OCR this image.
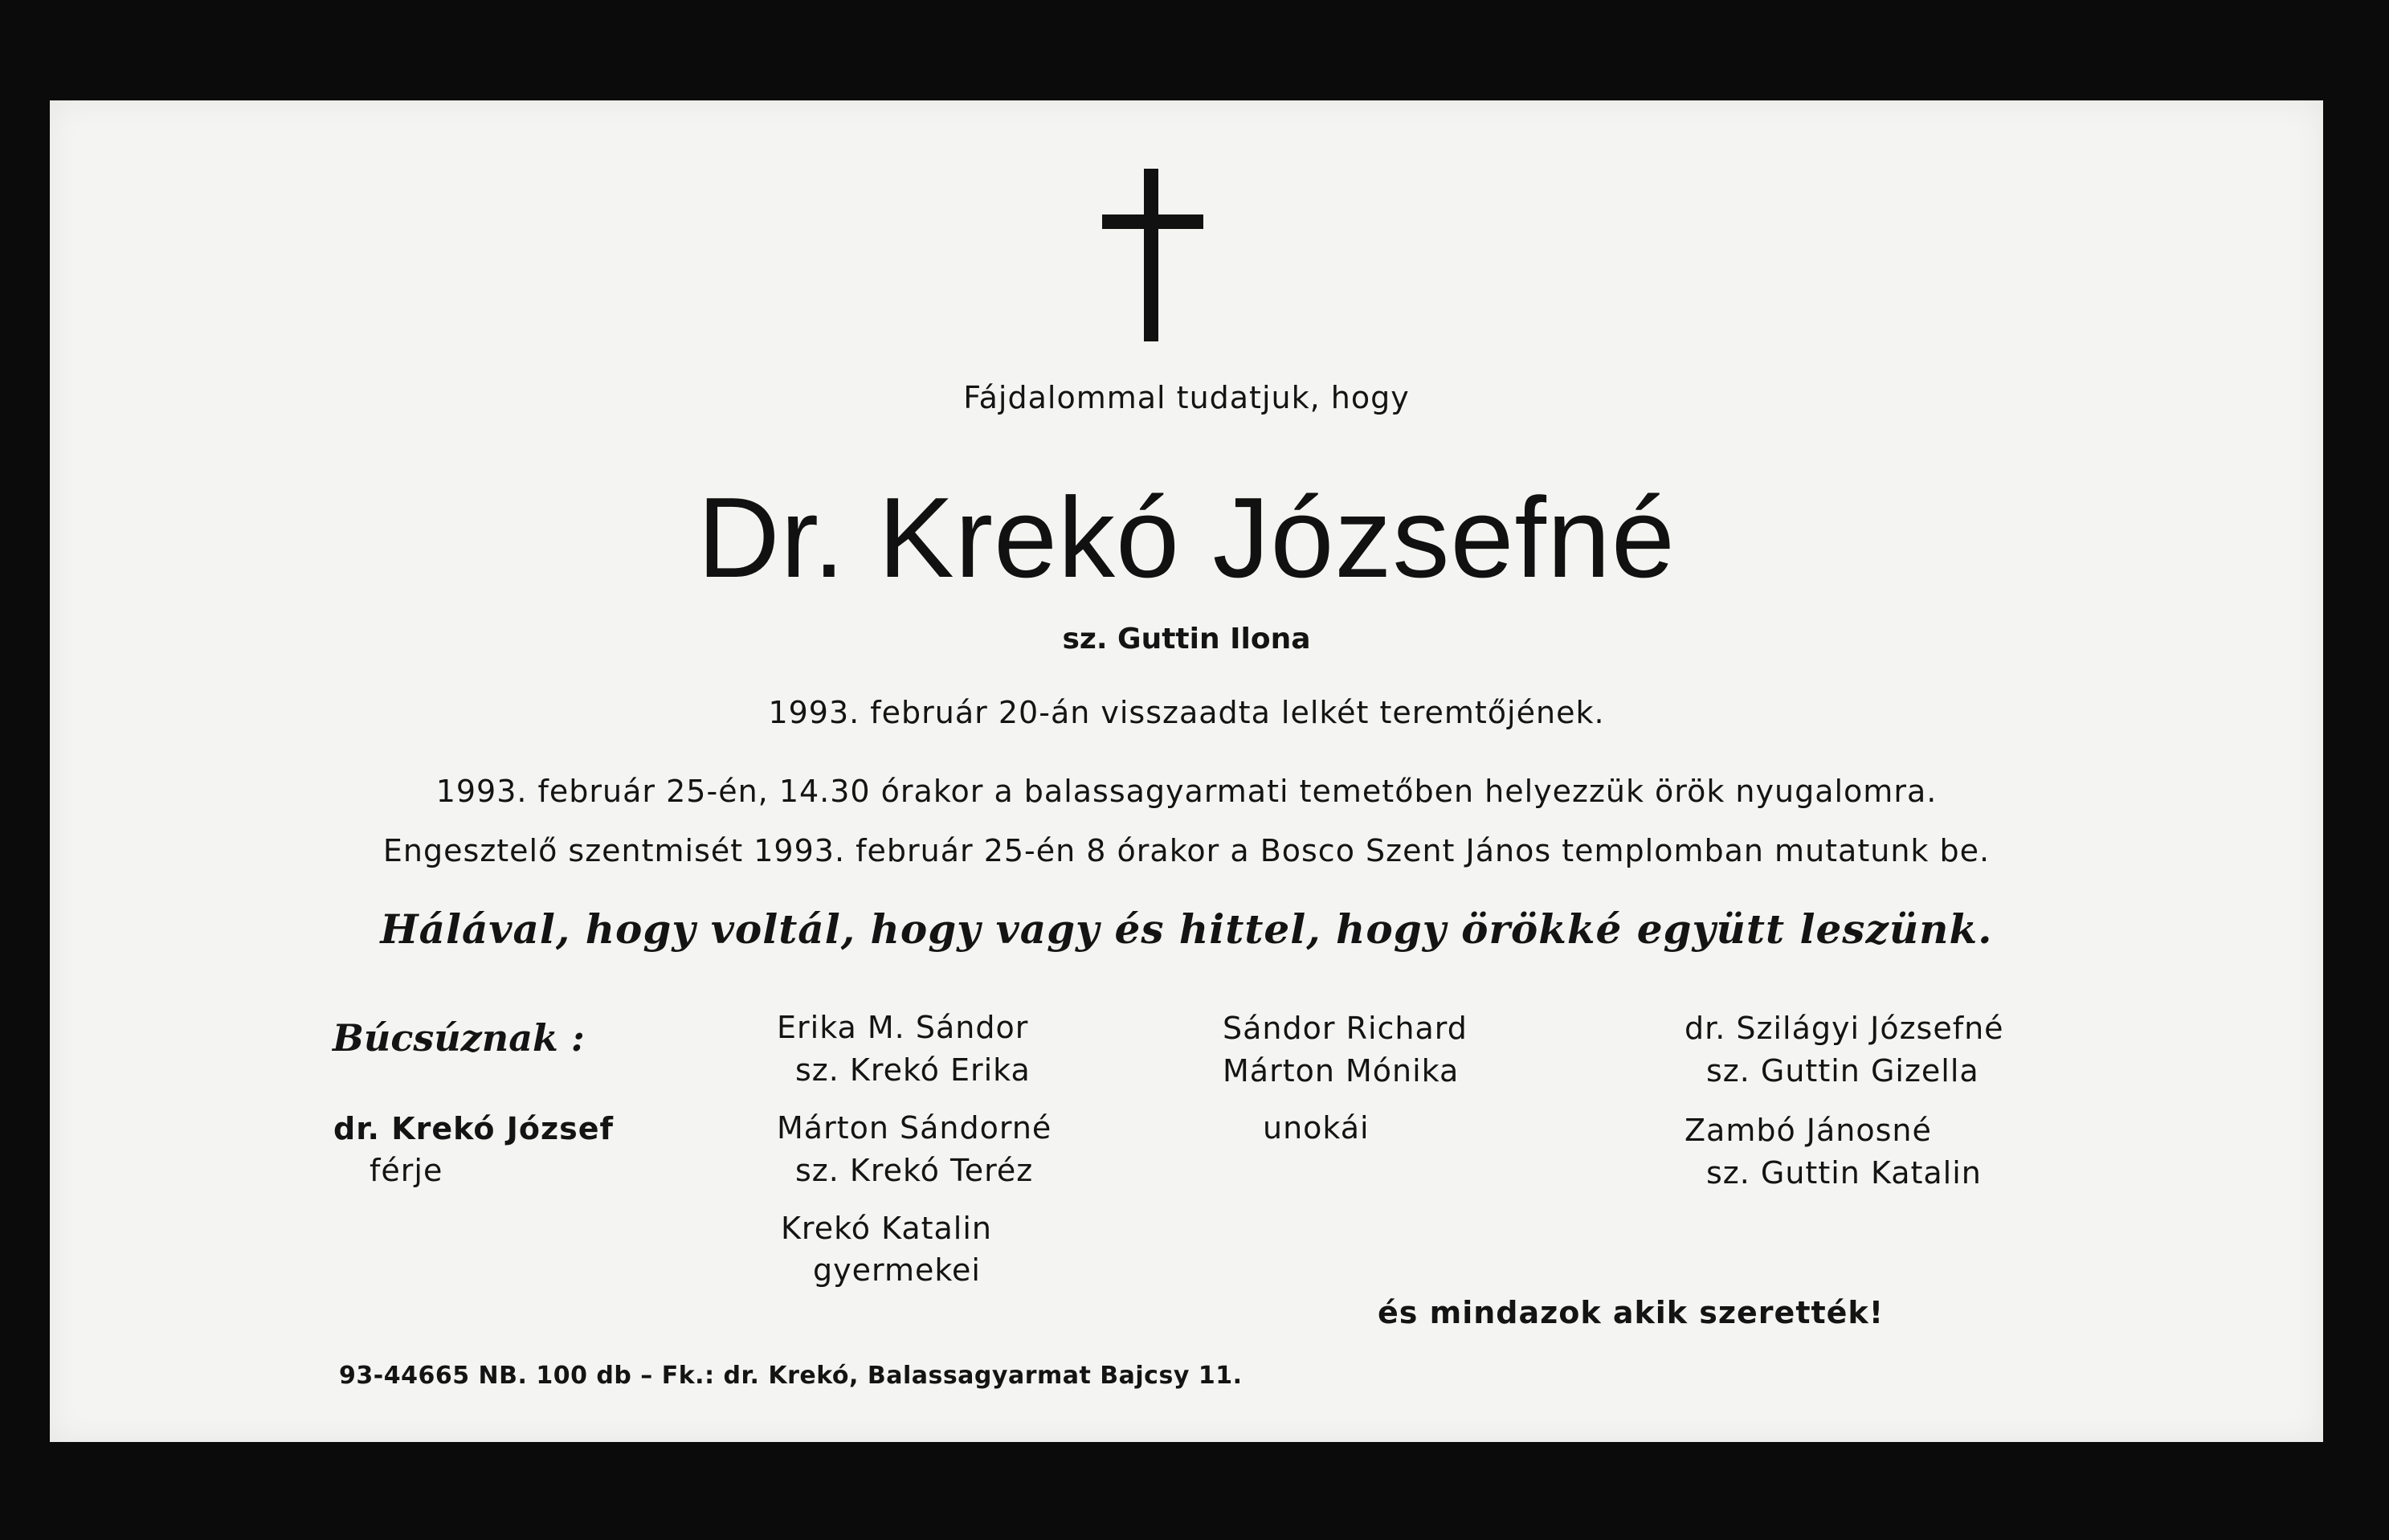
Fájdalommal tudatjuk, hogy
Dr. Krekó Józsefné
sz. Guttin Ilona
1993. február 20-án visszaadta lelkét teremtőjének.
1993. február 25-én, 14.30 órakor a balassagyarmati temetőben helyezzük örök nyugalomra.
Engesztelő szentmisét 1993. február 25-én 8 órakor a Bosco Szent János templomban mutatunk be.
Hálával, hogy voltál, hogy vagy és hittel, hogy örökké együtt leszünk.
Búcsúznak :
dr. Krekó József
férje
Erika M. Sándor
sz. Krekó Erika
Márton Sándorné
sz. Krekó Teréz
Krekó Katalin
gyermekei
Sándor Richard
Márton Mónika
unokái
dr. Szilágyi Józsefné
sz. Guttin Gizella
Zambó Jánosné
sz. Guttin Katalin
és mindazok akik szerették!
93-44665 NB. 100 db – Fk.: dr. Krekó, Balassagyarmat Bajcsy 11.
